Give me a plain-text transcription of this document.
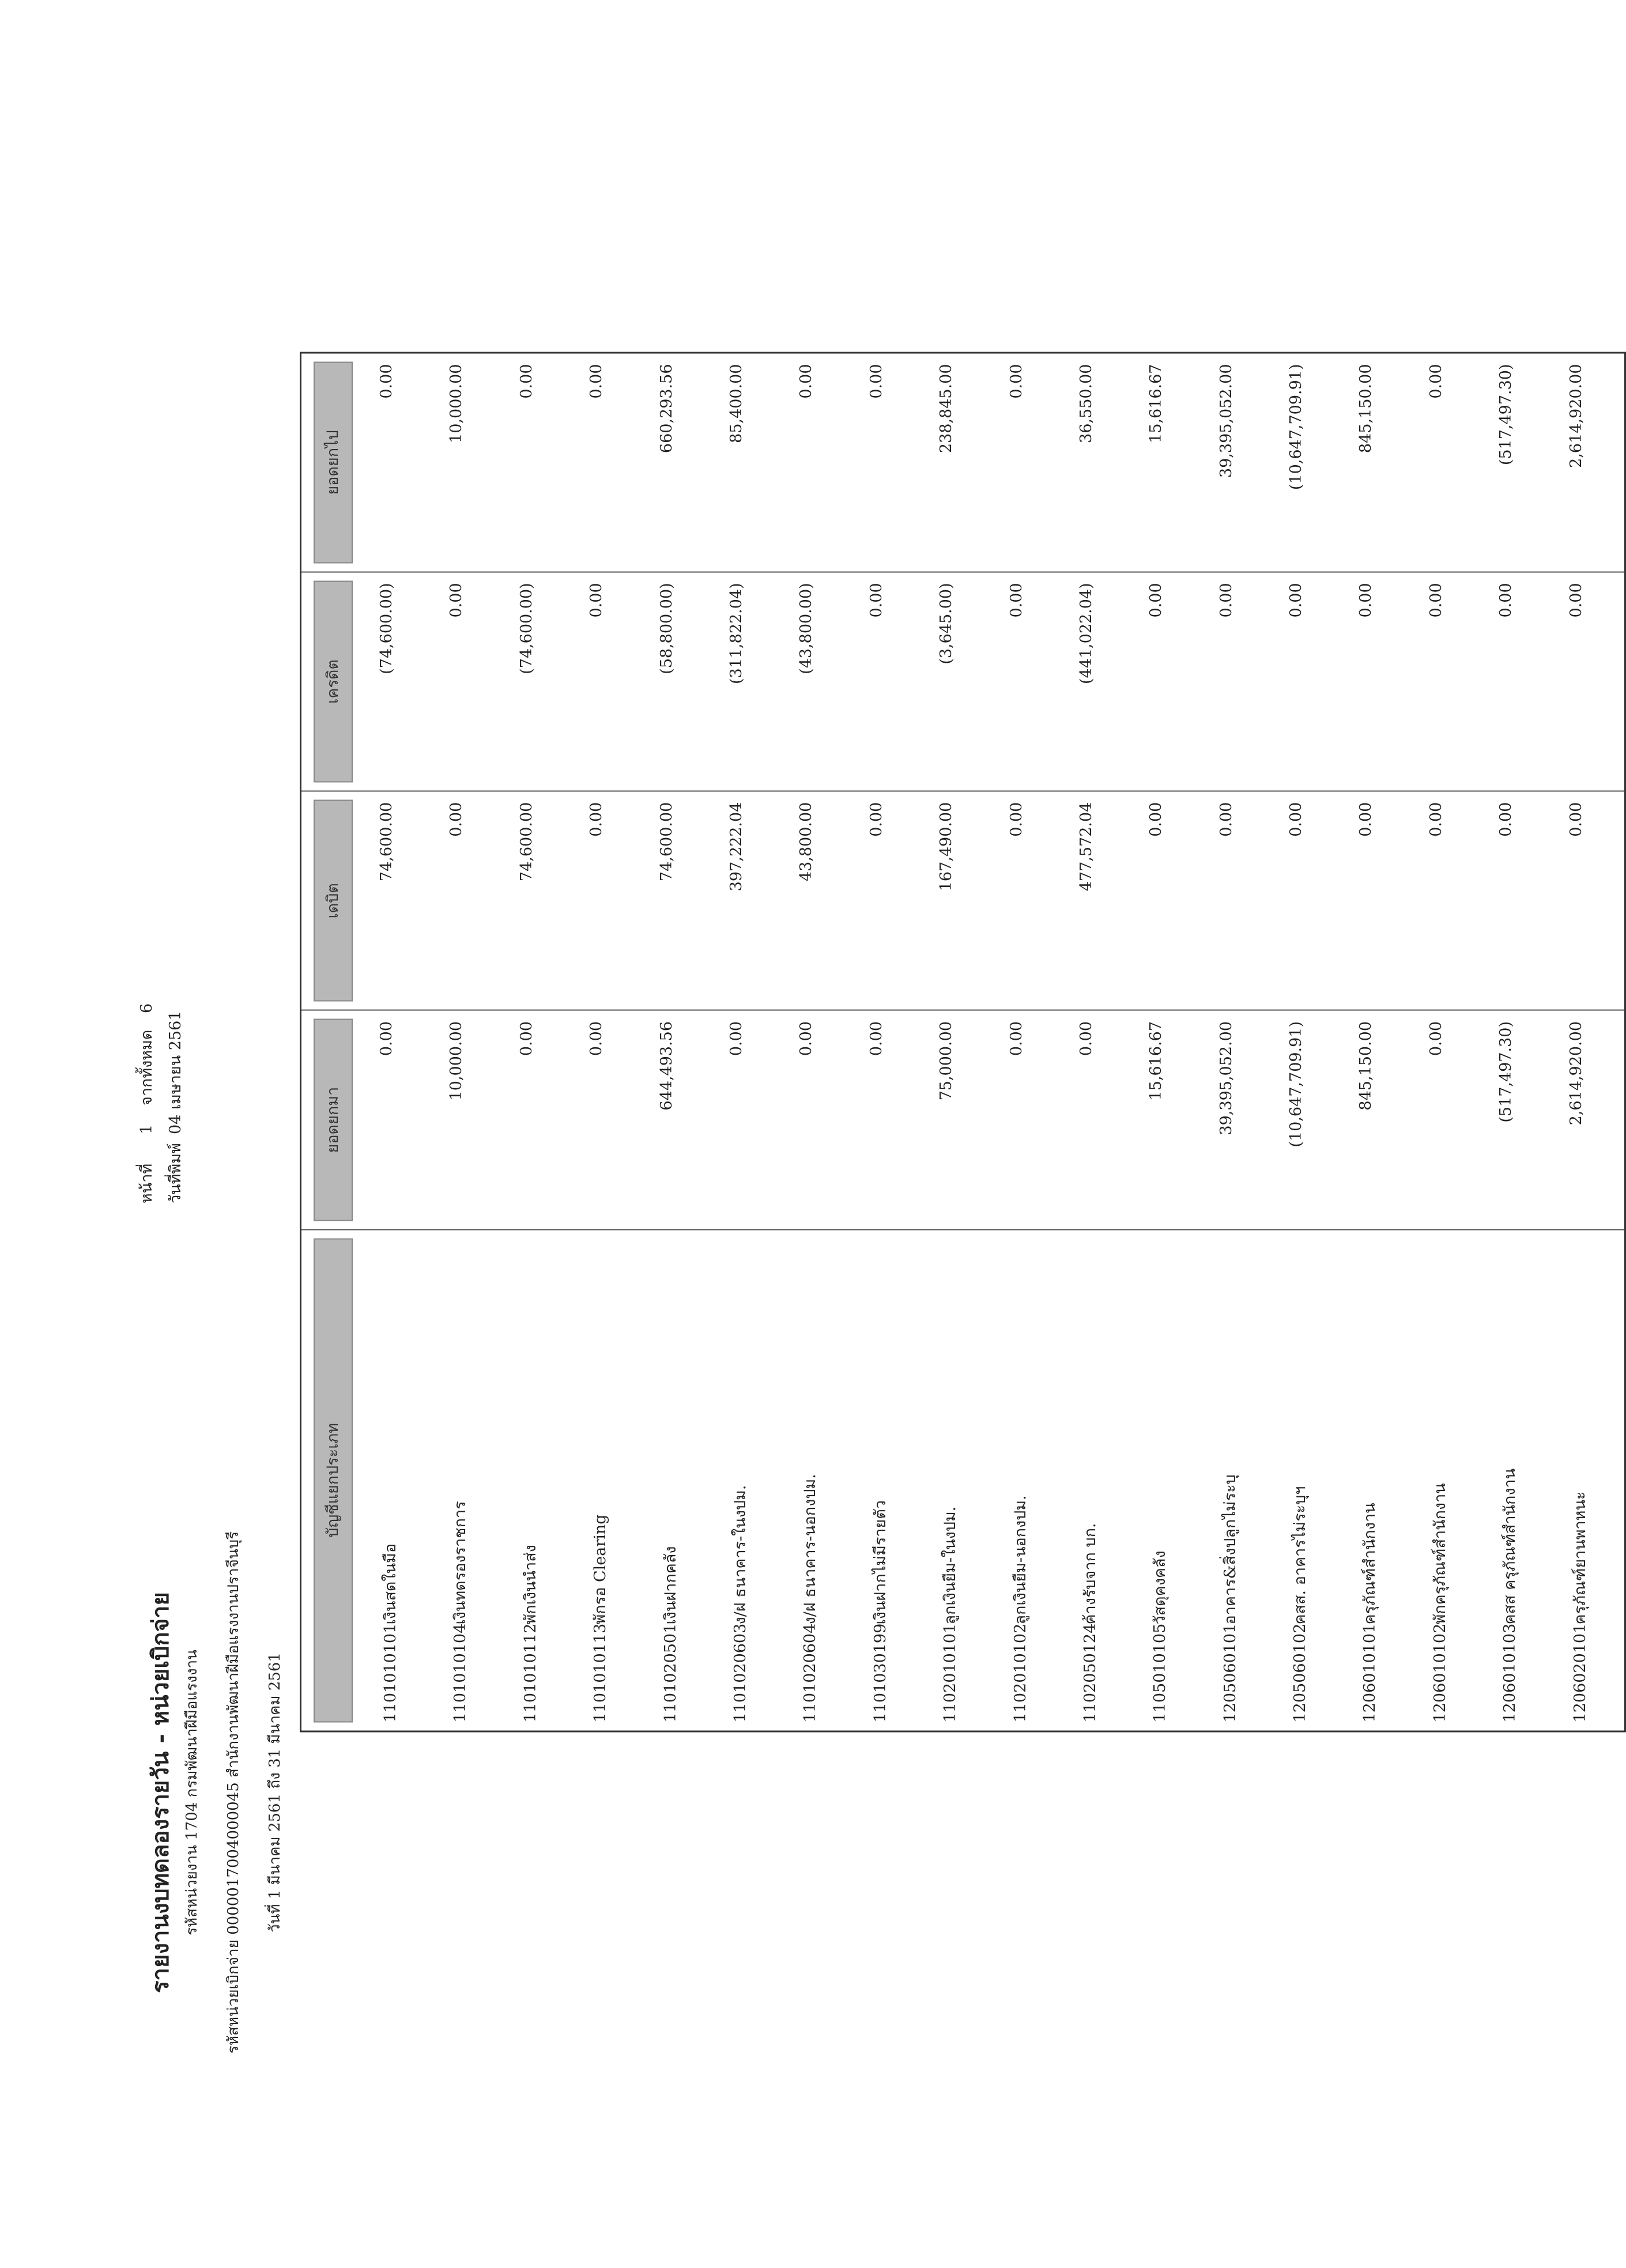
หน้าที่
1
จากทั้งหมด
6
วันที่พิมพ์
04 เมษายน 2561
รายงานงบทดลองรายวัน - หน่วยเบิกจ่าย รหัสหน่วยงาน 1704 กรมพัฒนาฝีมือแรงงาน	รหัสหน่วยเบิกจ่าย 0000017004000045 สำนักงานพัฒนาฝีมือแรงงานปราจีนบุรี	วันที่ 1 มีนาคม 2561 ถึง 31 มีนาคม 2561
บัญชีแยกประเภท	ยอดยกมา	เดบิต	เครดิต	ยอดยกไป

1101010101เงินสดในมือ	0.00	74,600.00	(74,600.00)	0.00
1101010104เงินทดรองราชการ	10,000.00	0.00	0.00	10,000.00
1101010112พักเงินนำส่ง	0.00	74,600.00	(74,600.00)	0.00
1101010113พักรอ Clearing	0.00	0.00	0.00	0.00
1101020501เงินฝากคลัง	644,493.56	74,600.00	(58,800.00)	660,293.56
1101020603ง/ฝ ธนาคาร-ในงปม.	0.00	397,222.04	(311,822.04)	85,400.00
1101020604ง/ฝ ธนาคาร-นอกงปม.	0.00	43,800.00	(43,800.00)	0.00
1101030199เงินฝากไม่มีรายตัว	0.00	0.00	0.00	0.00
1102010101ลูกเงินยืม-ในงปม.	75,000.00	167,490.00	(3,645.00)	238,845.00
1102010102ลูกเงินยืม-นอกงปม.	0.00	0.00	0.00	0.00
1102050124ค้างรับจาก บก.	0.00	477,572.04	(441,022.04)	36,550.00
1105010105วัสดุคงคลัง	15,616.67	0.00	0.00	15,616.67
1205060101อาคาร&สิ่งปลูกไม่ระบุ	39,395,052.00	0.00	0.00	39,395,052.00
1205060102คสส. อาคารไม่ระบุฯ	(10,647,709.91)	0.00	0.00	(10,647,709.91)
1206010101ครุภัณฑ์สำนักงาน	845,150.00	0.00	0.00	845,150.00
1206010102พักครุภัณฑ์สำนักงาน	0.00	0.00	0.00	0.00
1206010103คสส ครุภัณฑ์สำนักงาน	(517,497.30)	0.00	0.00	(517,497.30)
1206020101ครุภัณฑ์ยานพาหนะ	2,614,920.00	0.00	0.00	2,614,920.00
